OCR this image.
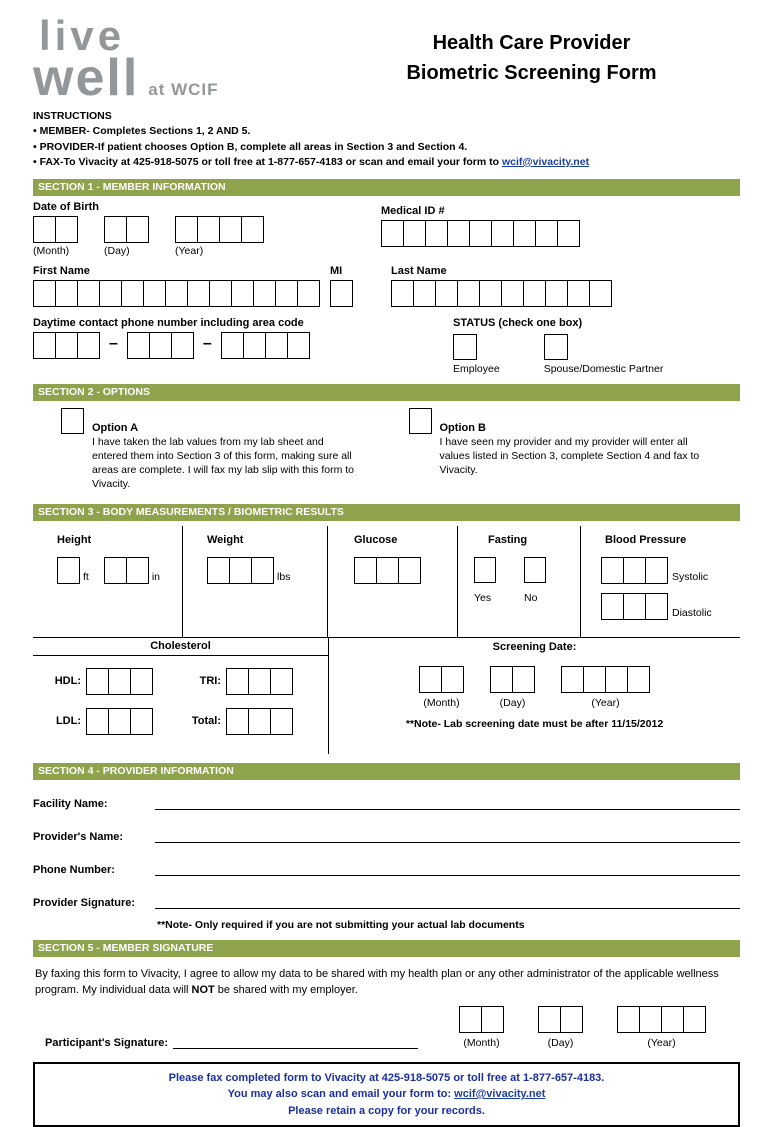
live
well at WCIF
Health Care Provider
Biometric Screening Form
INSTRUCTIONS
• MEMBER- Completes Sections 1, 2 AND 5.
• PROVIDER-If patient chooses Option B, complete all areas in Section 3 and Section 4.
• FAX-To Vivacity at 425-918-5075 or toll free at 1-877-657-4183 or scan and email your form to wcif@vivacity.net
SECTION 1 - MEMBER INFORMATION
Date of Birth
(Month)	(Day)	(Year)
Medical ID #
First Name	MI	Last Name
Daytime contact phone number including area code
–	–
STATUS (check one box)
Employee	Spouse/Domestic Partner
SECTION 2 - OPTIONS
Option A

I have taken the lab values from my lab sheet and entered them into Section 3 of this form, making sure all areas are complete. I will fax my lab slip with this form to Vivacity.

Option B

I have seen my provider and my provider will enter all values listed in Section 3, complete Section 4 and fax to Vivacity.

SECTION 3 - BODY MEASUREMENTS / BIOMETRIC RESULTS
Height
ft	in
Weight
lbs
Glucose	Fasting
Yes	No
Blood Pressure
Systolic
Diastolic
Cholesterol
HDL:	TRI:
LDL:	Total:
Screening Date:
(Month)	(Day)	(Year)
**Note- Lab screening date must be after 11/15/2012
SECTION 4 - PROVIDER INFORMATION
Facility Name:
Provider's Name:
Phone Number:
Provider Signature:
**Note- Only required if you are not submitting your actual lab documents
SECTION 5 - MEMBER SIGNATURE

By faxing this form to Vivacity, I agree to allow my data to be shared with my health plan or any other administrator of the applicable wellness program. My individual data will NOT be shared with my employer.

Participant's Signature:	(Month)	(Day)	(Year)
Please fax completed form to Vivacity at 425-918-5075 or toll free at 1-877-657-4183.
You may also scan and email your form to: wcif@vivacity.net
Please retain a copy for your records.
